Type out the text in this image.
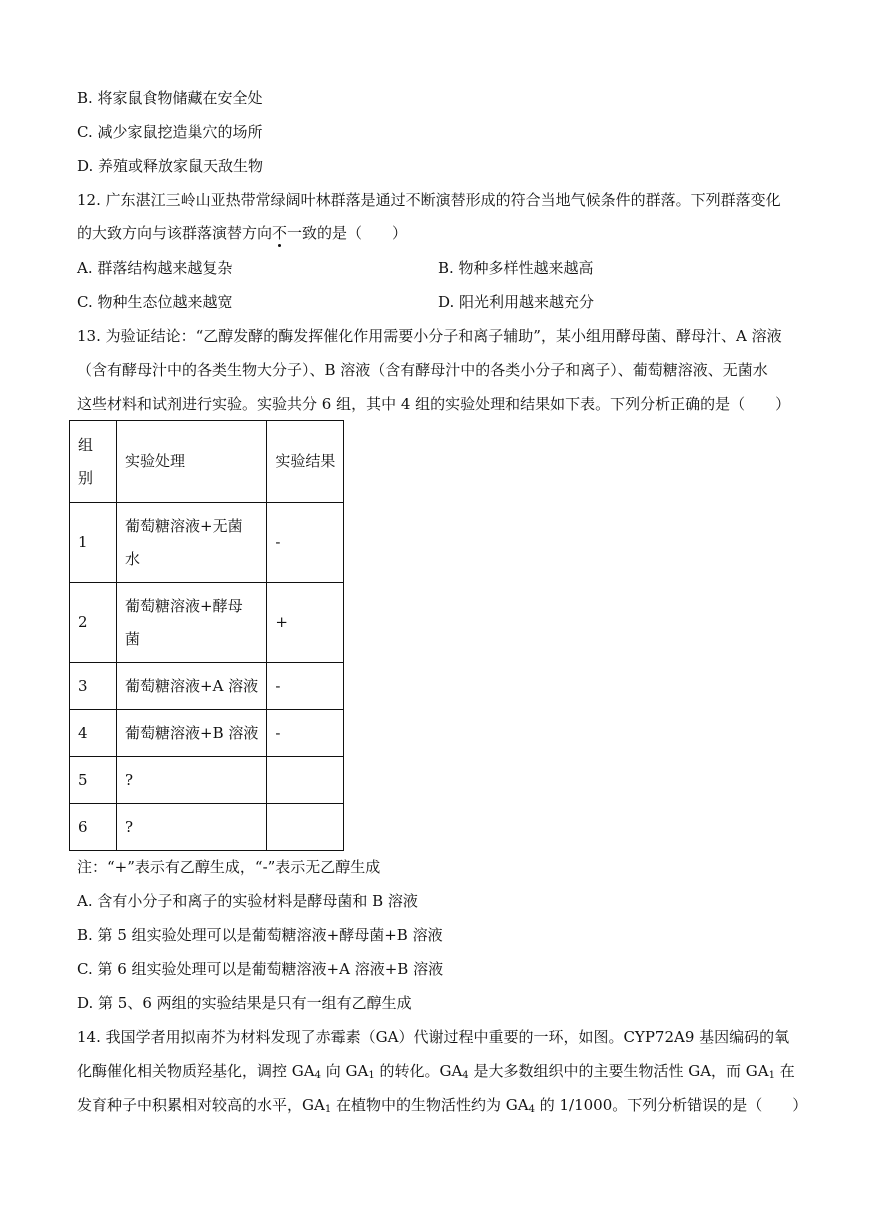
B. 将家鼠食物储藏在安全处
C. 减少家鼠挖造巢穴的场所
D. 养殖或释放家鼠天敌生物
12. 广东湛江三岭山亚热带常绿阔叶林群落是通过不断演替形成的符合当地气候条件的群落。下列群落变化
的大致方向与该群落演替方向不一致的是（　　）
A. 群落结构越来越复杂	B. 物种多样性越来越高
C. 物种生态位越来越宽	D. 阳光利用越来越充分
13. 为验证结论：“乙醇发酵的酶发挥催化作用需要小分子和离子辅助”，某小组用酵母菌、酵母汁、A 溶液
（含有酵母汁中的各类生物大分子）、B 溶液（含有酵母汁中的各类小分子和离子）、葡萄糖溶液、无菌水
这些材料和试剂进行实验。实验共分 6 组，其中 4 组的实验处理和结果如下表。下列分析正确的是（　　）
组别	实验处理	实验结果
1	葡萄糖溶液+无菌水	-
2	葡萄糖溶液+酵母菌	+
3	葡萄糖溶液+A 溶液	-
4	葡萄糖溶液+B 溶液	-
5	?	
6	?	
注：“+”表示有乙醇生成，“-”表示无乙醇生成
A. 含有小分子和离子的实验材料是酵母菌和 B 溶液
B. 第 5 组实验处理可以是葡萄糖溶液+酵母菌+B 溶液
C. 第 6 组实验处理可以是葡萄糖溶液+A 溶液+B 溶液
D. 第 5、6 两组的实验结果是只有一组有乙醇生成
14. 我国学者用拟南芥为材料发现了赤霉素（GA）代谢过程中重要的一环，如图。CYP72A9 基因编码的氧
化酶催化相关物质羟基化，调控 $GA_4$ 向 $GA_1$ 的转化。$GA_4$ 是大多数组织中的主要生物活性 GA，而 $GA_1$ 在
发育种子中积累相对较高的水平，$GA_1$ 在植物中的生物活性约为 $GA_4$ 的 1/1000。下列分析错误的是（　　）
